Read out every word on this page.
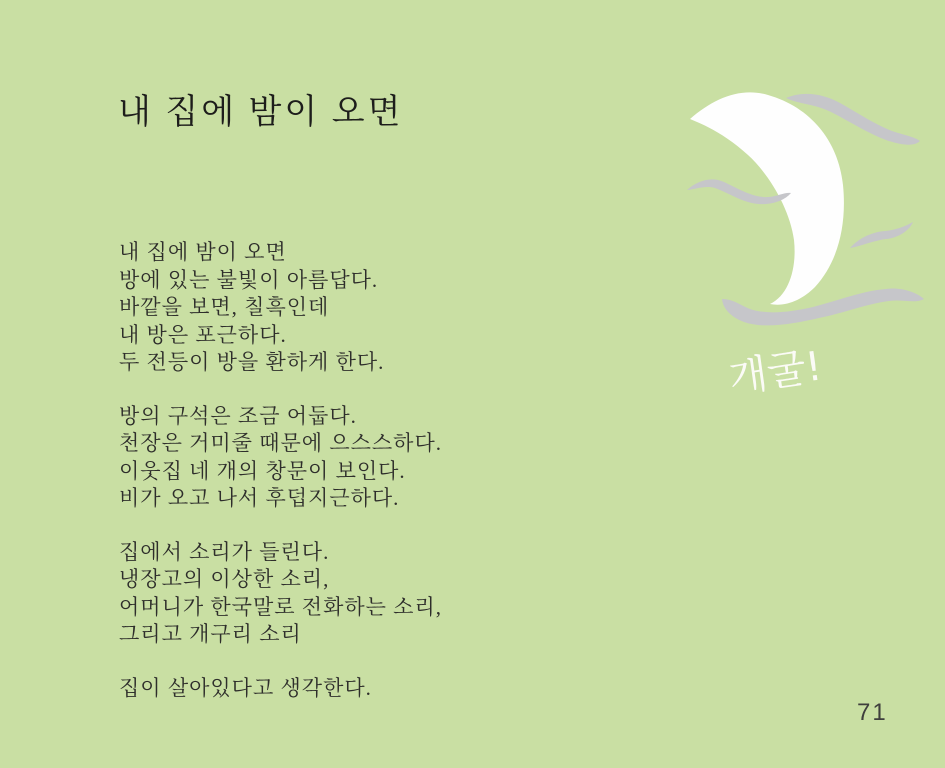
내 집에 밤이 오면
내 집에 밤이 오면
방에 있는 불빛이 아름답다.
바깥을 보면, 칠흑인데
내 방은 포근하다.
두 전등이 방을 환하게 한다.
방의 구석은 조금 어둡다.
천장은 거미줄 때문에 으스스하다.
이웃집 네 개의 창문이 보인다.
비가 오고 나서 후덥지근하다.
집에서 소리가 들린다.
냉장고의 이상한 소리,
어머니가 한국말로 전화하는 소리,
그리고 개구리 소리
집이 살아있다고 생각한다.
개굴!
71
